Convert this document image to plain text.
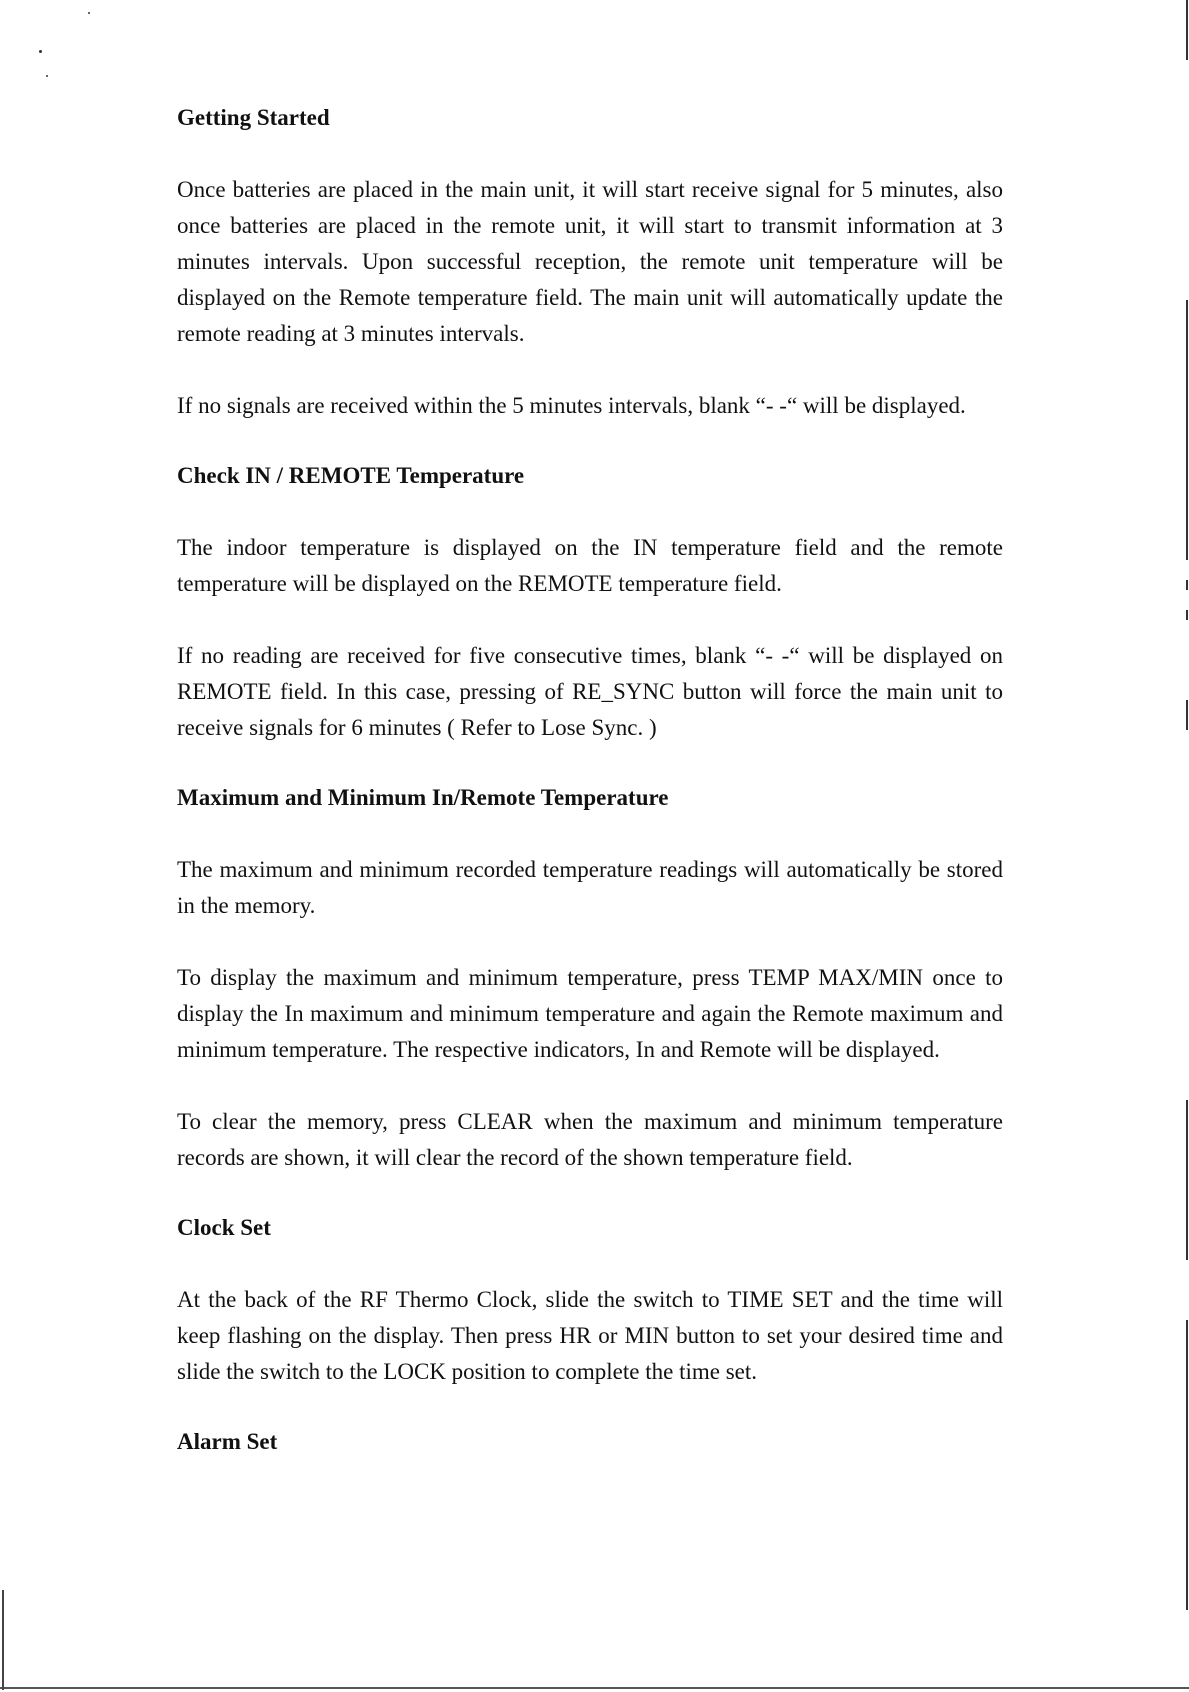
Getting Started

Once batteries are placed in the main unit, it will start receive signal for 5 minutes, also once batteries are placed in the remote unit, it will start to transmit information at 3 minutes intervals. Upon successful reception, the remote unit temperature will be displayed on the Remote temperature field. The main unit will automatically update the remote reading at 3 minutes intervals.

If no signals are received within the 5 minutes intervals, blank “- -“ will be displayed.

Check IN / REMOTE Temperature

The indoor temperature is displayed on the IN temperature field and the remote temperature will be displayed on the REMOTE temperature field.

If no reading are received for five consecutive times, blank “- -“ will be displayed on REMOTE field. In this case, pressing of RE_SYNC button will force the main unit to receive signals for 6 minutes ( Refer to Lose Sync. )

Maximum and Minimum In/Remote Temperature

The maximum and minimum recorded temperature readings will automatically be stored in the memory.

To display the maximum and minimum temperature, press TEMP MAX/MIN once to display the In maximum and minimum temperature and again the Remote maximum and minimum temperature. The respective indicators, In and Remote will be displayed.

To clear the memory, press CLEAR when the maximum and minimum temperature records are shown, it will clear the record of the shown temperature field.

Clock Set

At the back of the RF Thermo Clock, slide the switch to TIME SET and the time will keep flashing on the display. Then press HR or MIN button to set your desired time and slide the switch to the LOCK position to complete the time set.

Alarm Set
